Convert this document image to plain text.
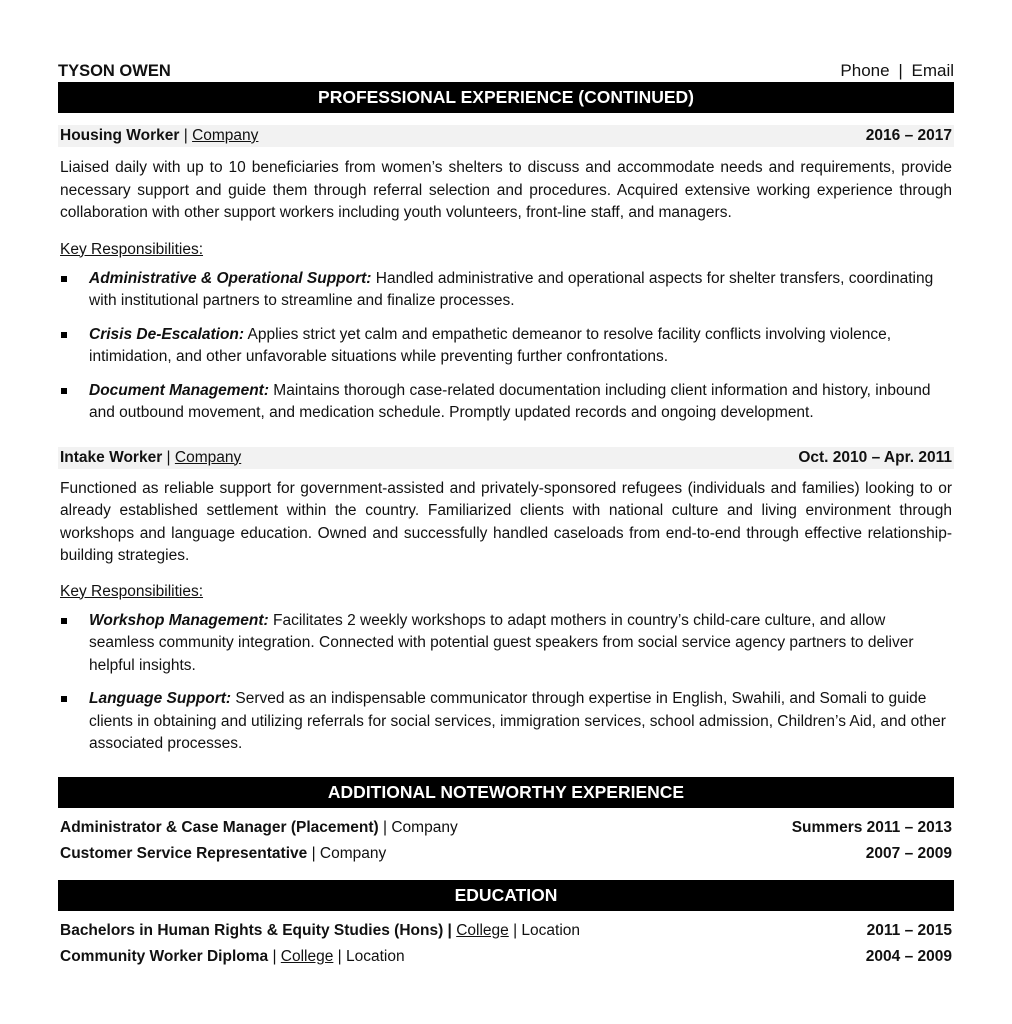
TYSON OWEN	Phone | Email
PROFESSIONAL EXPERIENCE (CONTINUED)
Housing Worker | Company	2016 – 2017
Liaised daily with up to 10 beneficiaries from women’s shelters to discuss and accommodate needs and requirements, provide necessary support and guide them through referral selection and procedures. Acquired extensive working experience through collaboration with other support workers including youth volunteers, front-line staff, and managers.
Key Responsibilities:
Administrative & Operational Support: Handled administrative and operational aspects for shelter transfers, coordinating with institutional partners to streamline and finalize processes.
Crisis De-Escalation: Applies strict yet calm and empathetic demeanor to resolve facility conflicts involving violence, intimidation, and other unfavorable situations while preventing further confrontations.
Document Management: Maintains thorough case-related documentation including client information and history, inbound and outbound movement, and medication schedule. Promptly updated records and ongoing development.
Intake Worker | Company	Oct. 2010 – Apr. 2011
Functioned as reliable support for government-assisted and privately-sponsored refugees (individuals and families) looking to or already established settlement within the country. Familiarized clients with national culture and living environment through workshops and language education. Owned and successfully handled caseloads from end-to-end through effective relationship-building strategies.
Key Responsibilities:
Workshop Management: Facilitates 2 weekly workshops to adapt mothers in country’s child-care culture, and allow seamless community integration. Connected with potential guest speakers from social service agency partners to deliver helpful insights.
Language Support: Served as an indispensable communicator through expertise in English, Swahili, and Somali to guide clients in obtaining and utilizing referrals for social services, immigration services, school admission, Children’s Aid, and other associated processes.
ADDITIONAL NOTEWORTHY EXPERIENCE
Administrator & Case Manager (Placement) | Company	Summers 2011 – 2013
Customer Service Representative | Company	2007 – 2009
EDUCATION
Bachelors in Human Rights & Equity Studies (Hons) | College | Location	2011 – 2015
Community Worker Diploma | College | Location	2004 – 2009
